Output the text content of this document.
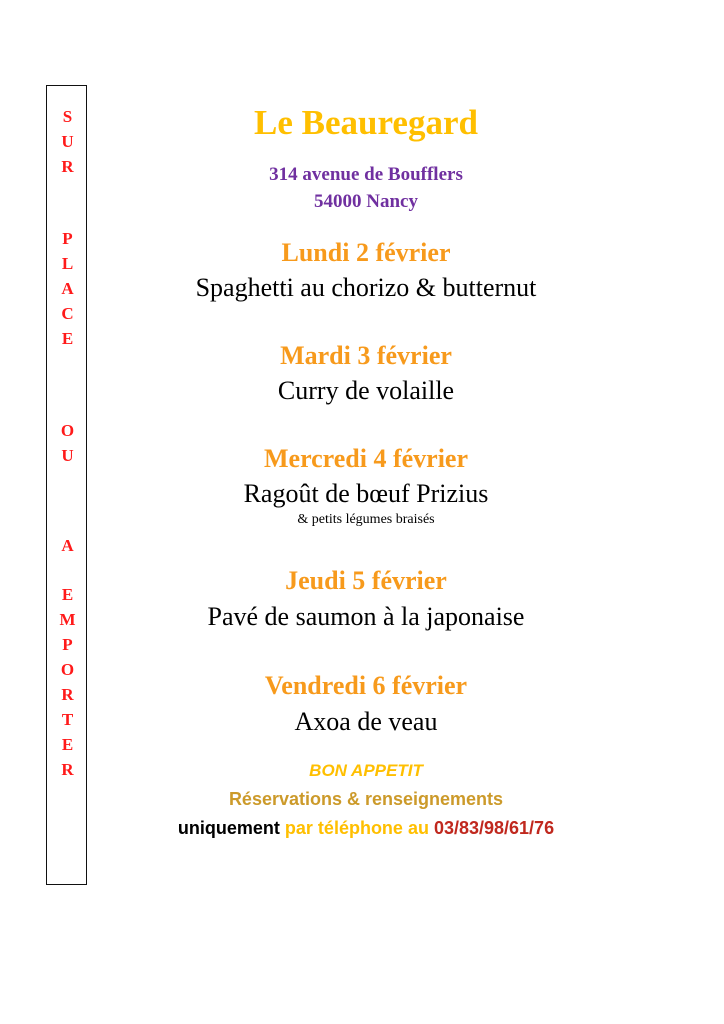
S
U
R
P
L
A
C
E
O
U
A
E
M
P
O
R
T
E
R
Le Beauregard
314 avenue de Boufflers
54000 Nancy
Lundi 2 février
Spaghetti au chorizo & butternut
Mardi 3 février
Curry de volaille
Mercredi 4 février
Ragoût de bœuf Prizius
& petits légumes braisés
Jeudi 5 février
Pavé de saumon à la japonaise
Vendredi 6 février
Axoa de veau
BON APPETIT
Réservations & renseignements
uniquement par téléphone au 03/83/98/61/76
